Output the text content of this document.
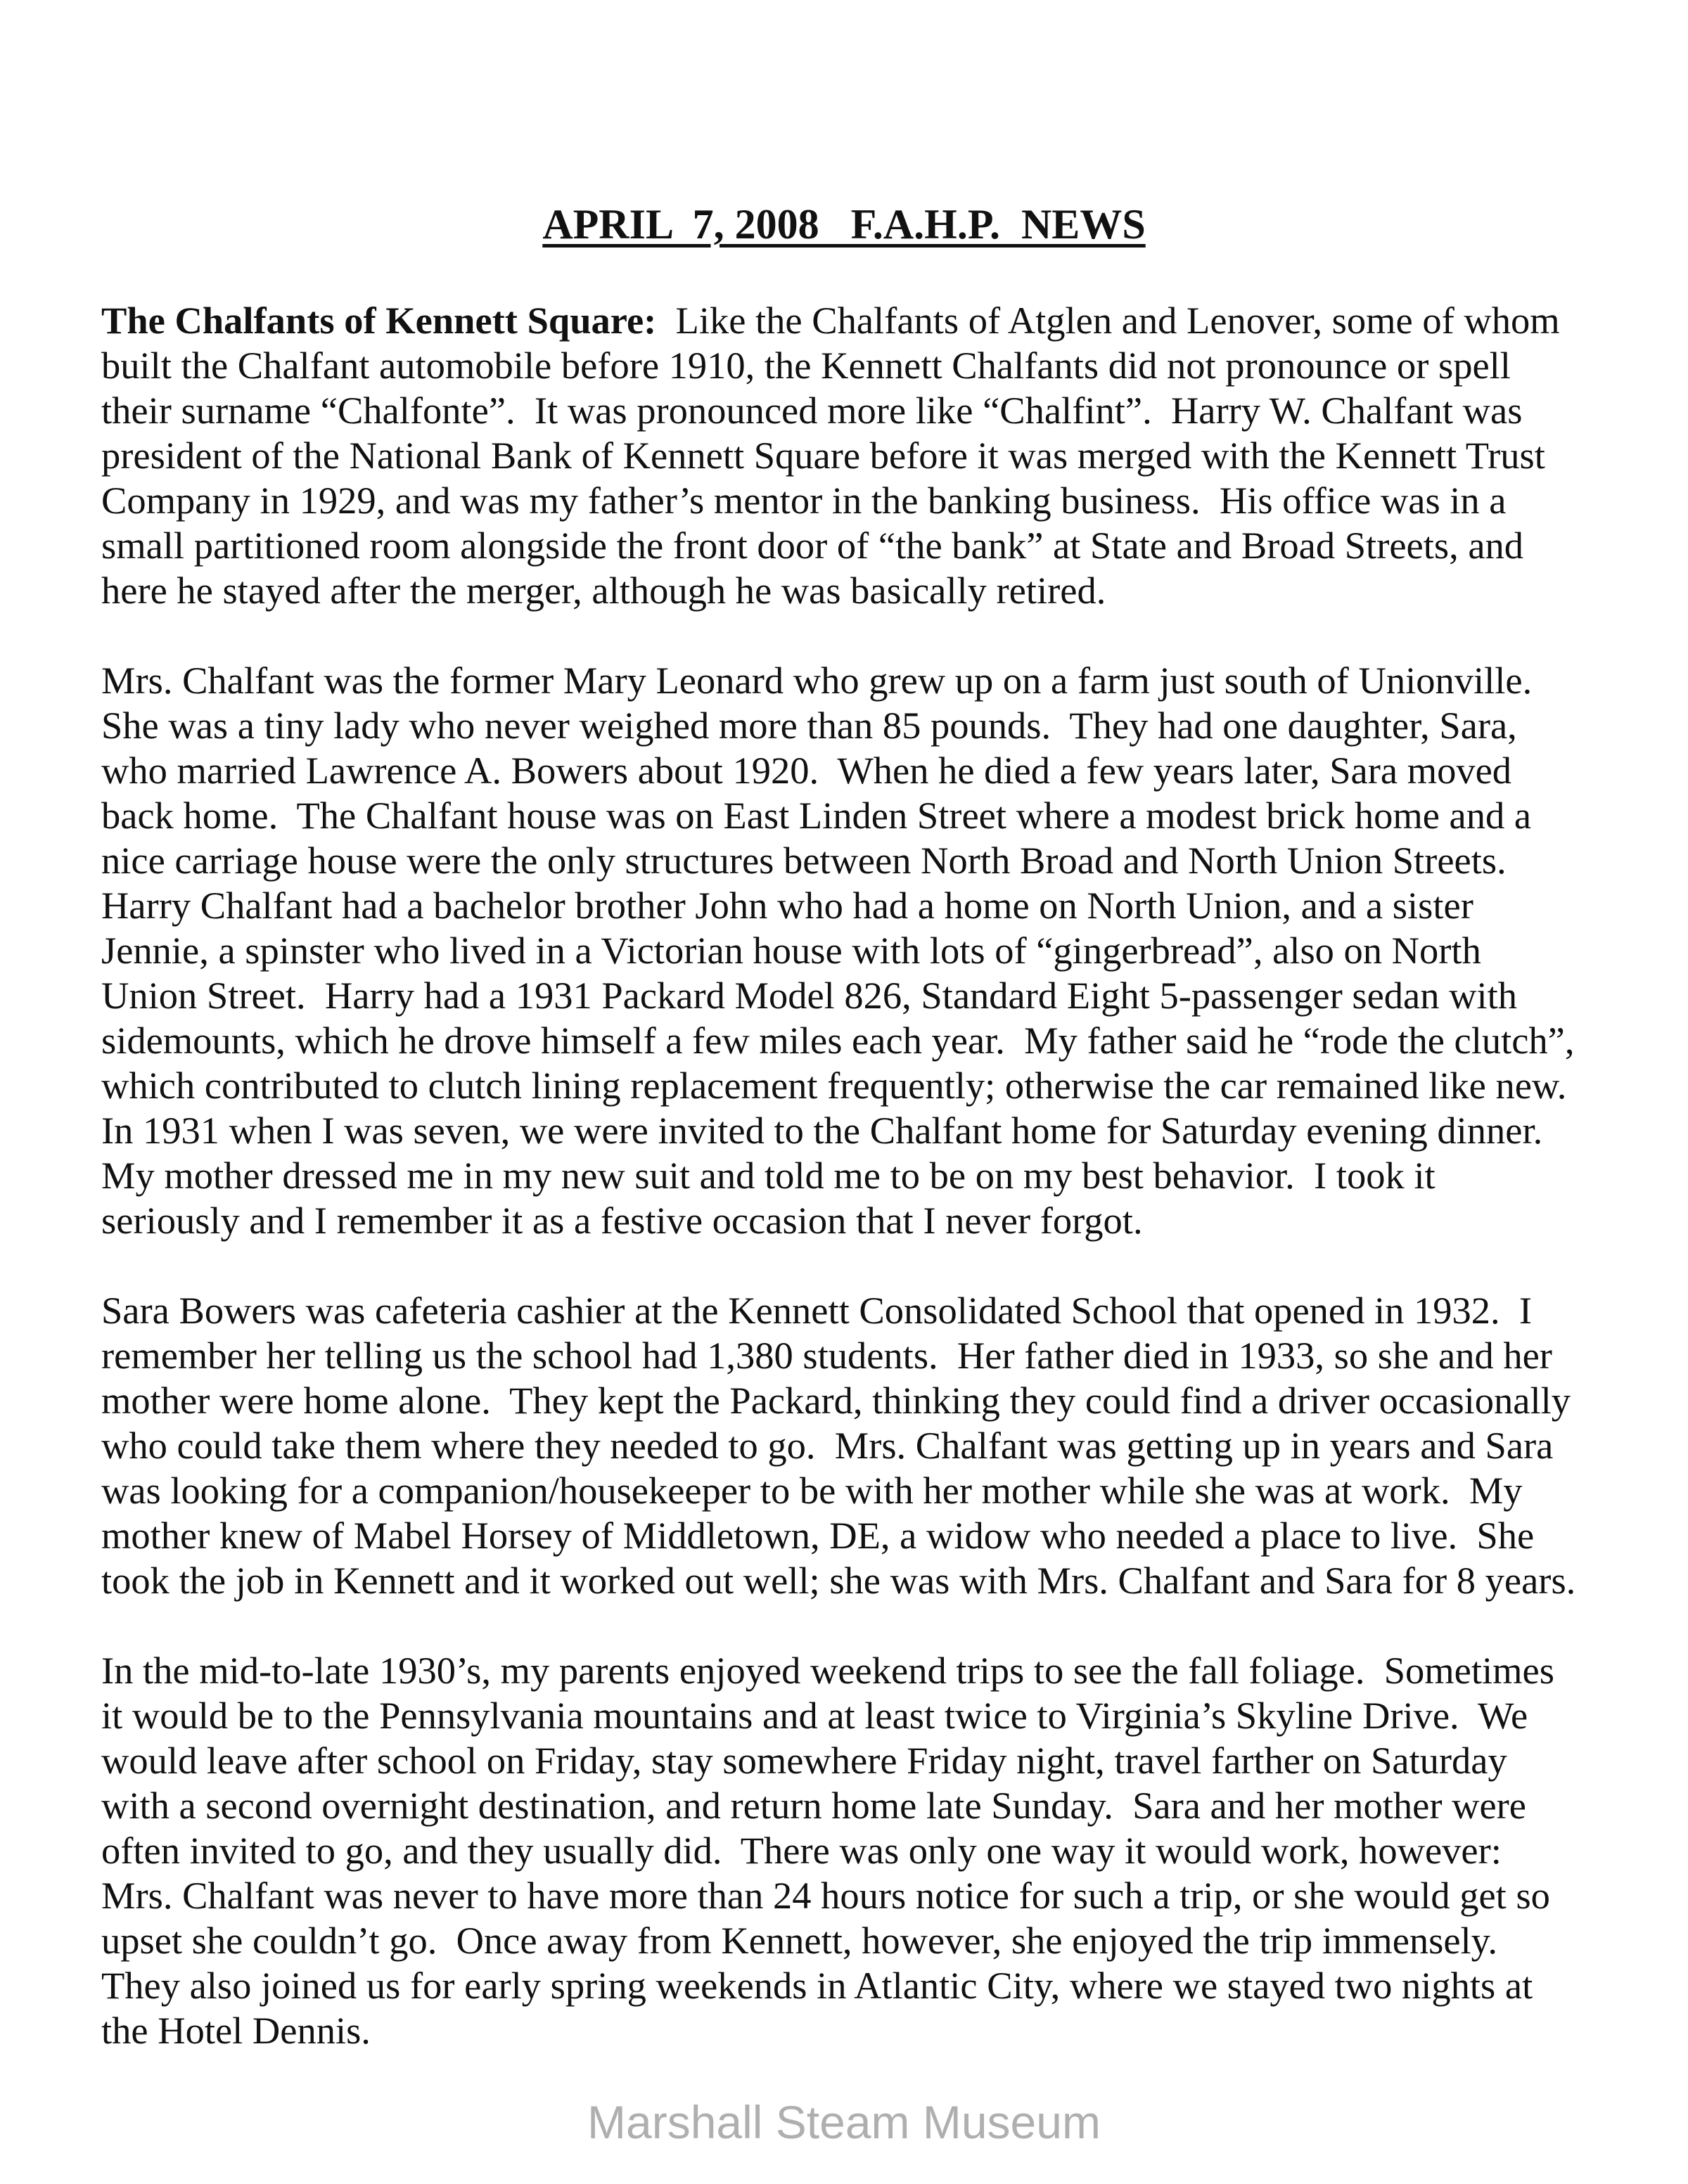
APRIL  7, 2008   F.A.H.P.  NEWS
The Chalfants of Kennett Square:  Like the Chalfants of Atglen and Lenover, some of whom
built the Chalfant automobile before 1910, the Kennett Chalfants did not pronounce or spell
their surname “Chalfonte”.  It was pronounced more like “Chalfint”.  Harry W. Chalfant was
president of the National Bank of Kennett Square before it was merged with the Kennett Trust
Company in 1929, and was my father’s mentor in the banking business.  His office was in a
small partitioned room alongside the front door of “the bank” at State and Broad Streets, and
here he stayed after the merger, although he was basically retired.
Mrs. Chalfant was the former Mary Leonard who grew up on a farm just south of Unionville.
She was a tiny lady who never weighed more than 85 pounds.  They had one daughter, Sara,
who married Lawrence A. Bowers about 1920.  When he died a few years later, Sara moved
back home.  The Chalfant house was on East Linden Street where a modest brick home and a
nice carriage house were the only structures between North Broad and North Union Streets.
Harry Chalfant had a bachelor brother John who had a home on North Union, and a sister
Jennie, a spinster who lived in a Victorian house with lots of “gingerbread”, also on North
Union Street.  Harry had a 1931 Packard Model 826, Standard Eight 5-passenger sedan with
sidemounts, which he drove himself a few miles each year.  My father said he “rode the clutch”,
which contributed to clutch lining replacement frequently; otherwise the car remained like new.
In 1931 when I was seven, we were invited to the Chalfant home for Saturday evening dinner.
My mother dressed me in my new suit and told me to be on my best behavior.  I took it
seriously and I remember it as a festive occasion that I never forgot.
Sara Bowers was cafeteria cashier at the Kennett Consolidated School that opened in 1932.  I
remember her telling us the school had 1,380 students.  Her father died in 1933, so she and her
mother were home alone.  They kept the Packard, thinking they could find a driver occasionally
who could take them where they needed to go.  Mrs. Chalfant was getting up in years and Sara
was looking for a companion/housekeeper to be with her mother while she was at work.  My
mother knew of Mabel Horsey of Middletown, DE, a widow who needed a place to live.  She
took the job in Kennett and it worked out well; she was with Mrs. Chalfant and Sara for 8 years.
In the mid-to-late 1930’s, my parents enjoyed weekend trips to see the fall foliage.  Sometimes
it would be to the Pennsylvania mountains and at least twice to Virginia’s Skyline Drive.  We
would leave after school on Friday, stay somewhere Friday night, travel farther on Saturday
with a second overnight destination, and return home late Sunday.  Sara and her mother were
often invited to go, and they usually did.  There was only one way it would work, however:
Mrs. Chalfant was never to have more than 24 hours notice for such a trip, or she would get so
upset she couldn’t go.  Once away from Kennett, however, she enjoyed the trip immensely.
They also joined us for early spring weekends in Atlantic City, where we stayed two nights at
the Hotel Dennis.
Marshall Steam Museum
